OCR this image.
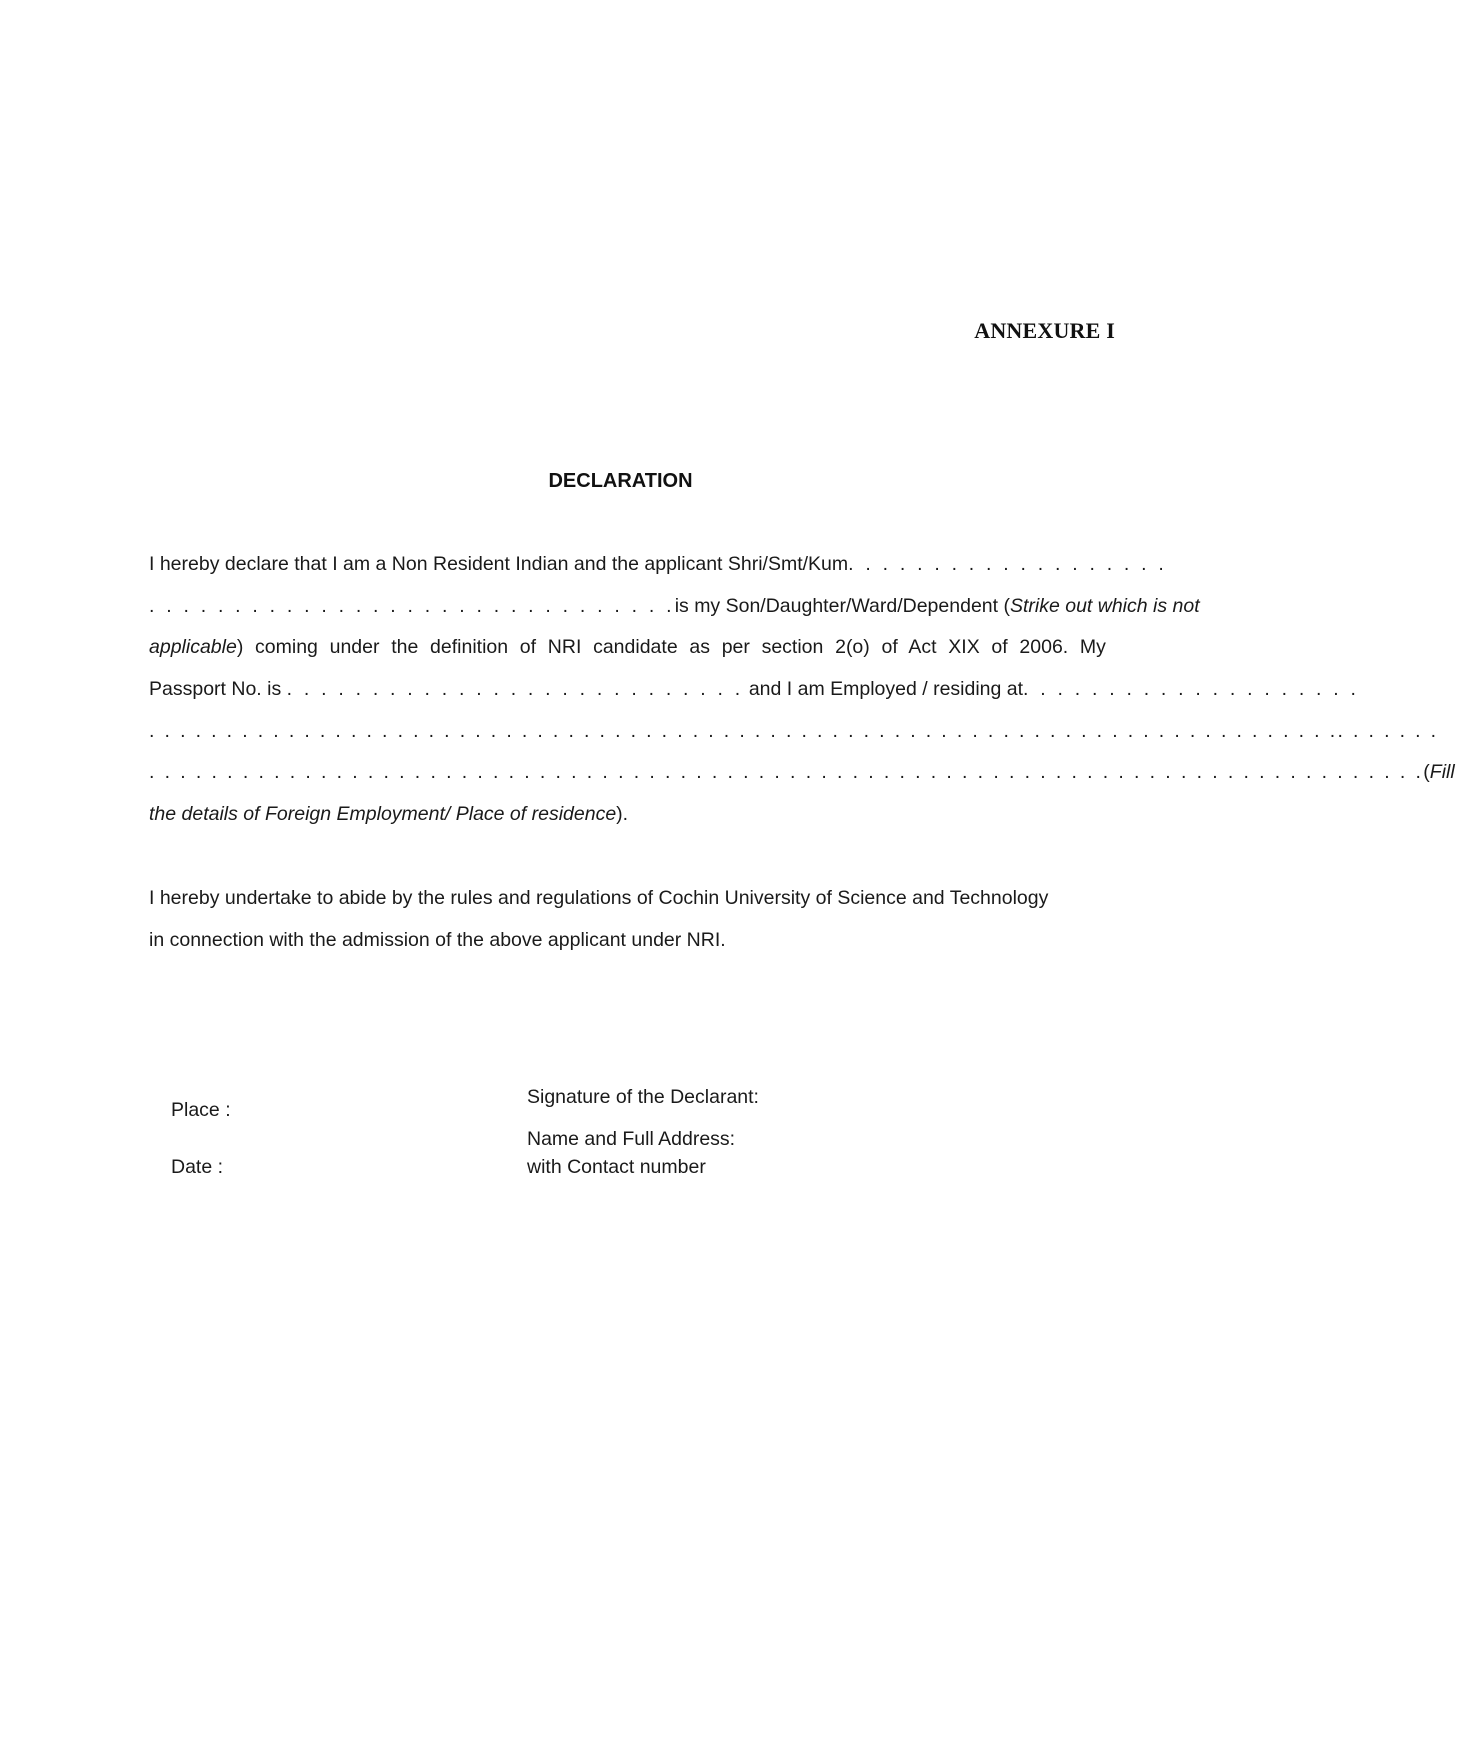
ANNEXURE I
DECLARATION
I hereby declare that I am a Non Resident Indian and the applicant Shri/Smt/Kum . . . . . . . . . . . . . . . . . . .
. . . . . . . . . . . . . . . . . . . . . . . . . . . . . . . is my Son/Daughter/Ward/Dependent (Strike out which is not
applicable ) coming under the definition of NRI candidate as per section 2(o) of Act XIX of 2006. My
Passport No. is . . . . . . . . . . . . . . . . . . . . . . . . . . . and I am Employed / residing at . . . . . . . . . . . . . . . . . . . .
. . . . . . . . . . . . . . . . . . . . . . . . . . . . . . . . . . . . . . . . . . . . . . . . . . . . . . . . . . . . . . . . . . . . . . . . . . . . .. . . . . . .
. . . . . . . . . . . . . . . . . . . . . . . . . . . . . . . . . . . . . . . . . . . . . . . . . . . . . . . . . . . . . . . . . . . . . . . . . . . . . . . . . . (Fill
the details of Foreign Employment/ Place of residence).
I hereby undertake to abide by the rules and regulations of Cochin University of Science and Technology
in connection with the admission of the above applicant under NRI.
Place :
Date :
Signature of the Declarant:
Name and Full Address:
with Contact number
